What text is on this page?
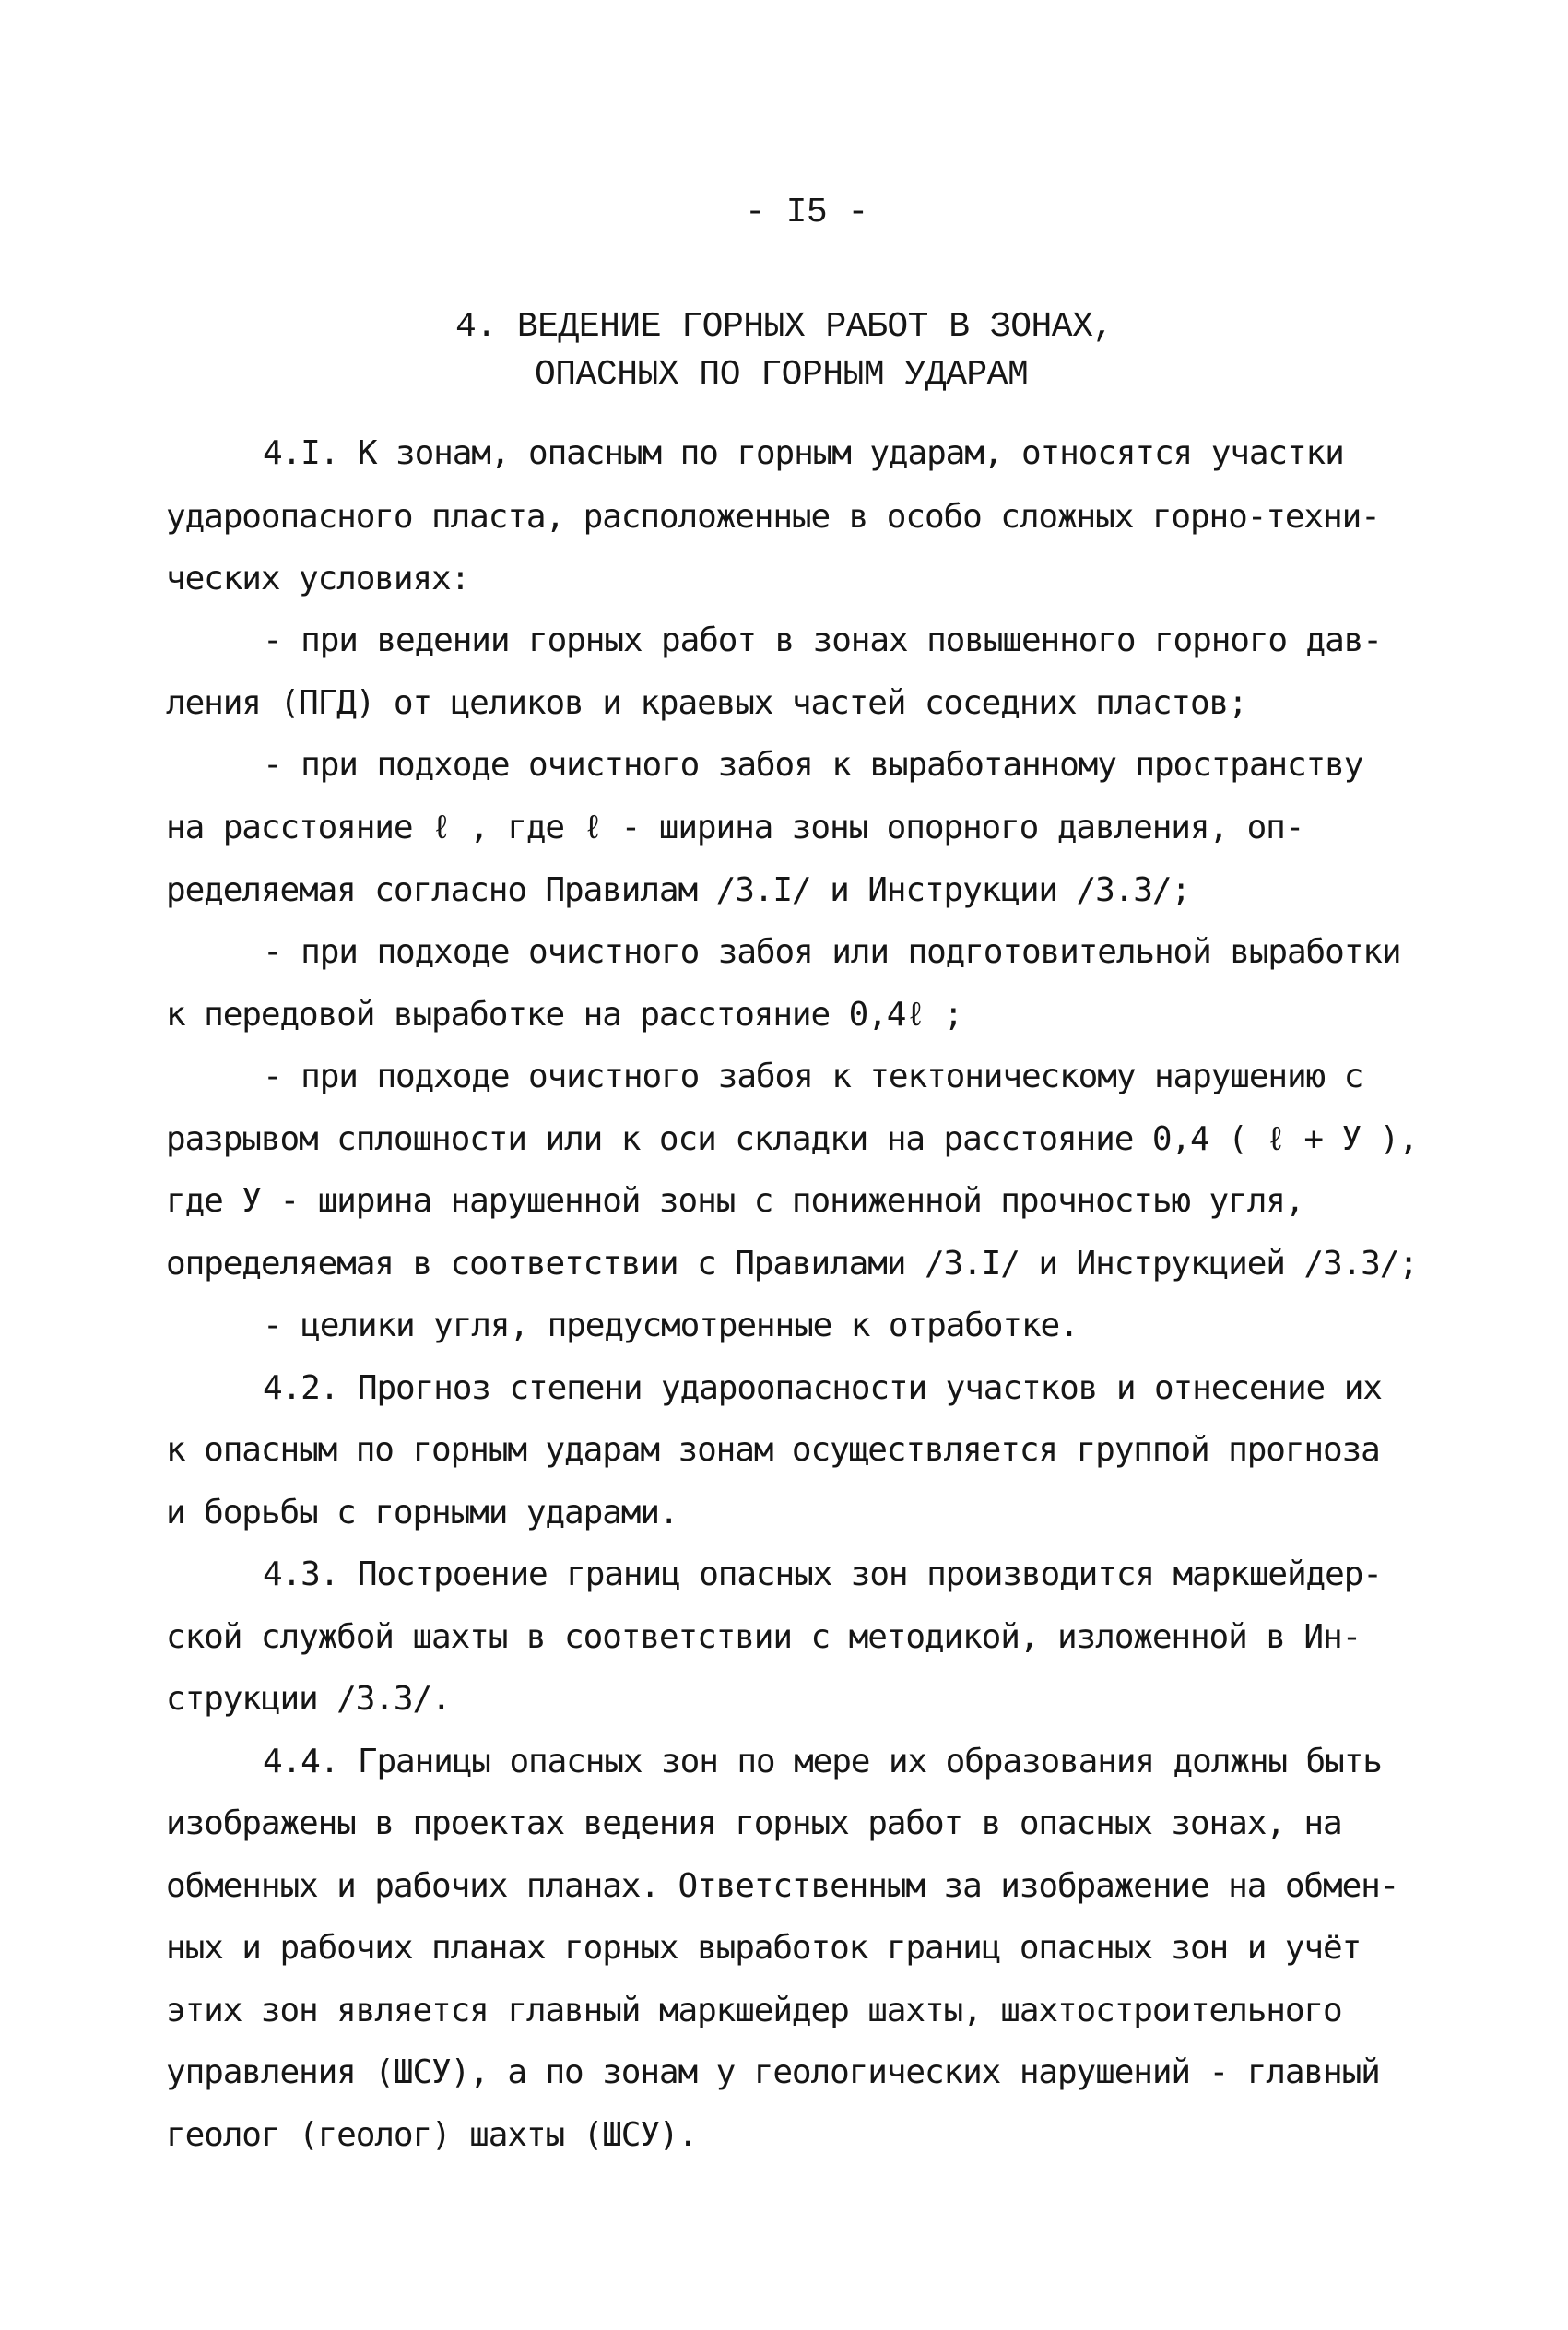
- I5 -
4. ВЕДЕНИЕ ГОРНЫХ РАБОТ В ЗОНАХ,
ОПАСНЫХ ПО ГОРНЫМ УДАРАМ
4.I. К зонам, опасным по горным ударам, относятся участки
удароопасного пласта, расположенные в особо сложных горно-техни-
ческих условиях:
- при ведении горных работ в зонах повышенного горного дав-
ления (ПГД) от целиков и краевых частей соседних пластов;
- при подходе очистного забоя к выработанному пространству
на расстояние ℓ , где ℓ - ширина зоны опорного давления, оп-
ределяемая согласно Правилам /3.I/ и Инструкции /3.3/;
- при подходе очистного забоя или подготовительной выработки
к передовой выработке на расстояние 0,4ℓ ;
- при подходе очистного забоя к тектоническому нарушению с
разрывом сплошности или к оси складки на расстояние 0,4 ( ℓ + У ),
где У - ширина нарушенной зоны с пониженной прочностью угля,
определяемая в соответствии с Правилами /3.I/ и Инструкцией /3.3/;
- целики угля, предусмотренные к отработке.
4.2. Прогноз степени удароопасности участков и отнесение их
к опасным по горным ударам зонам осуществляется группой прогноза
и борьбы с горными ударами.
4.3. Построение границ опасных зон производится маркшейдер-
ской службой шахты в соответствии с методикой, изложенной в Ин-
струкции /3.3/.
4.4. Границы опасных зон по мере их образования должны быть
изображены в проектах ведения горных работ в опасных зонах, на
обменных и рабочих планах. Ответственным за изображение на обмен-
ных и рабочих планах горных выработок границ опасных зон и учёт
этих зон является главный маркшейдер шахты, шахтостроительного
управления (ШСУ), а по зонам у геологических нарушений - главный
геолог (геолог) шахты (ШСУ).
